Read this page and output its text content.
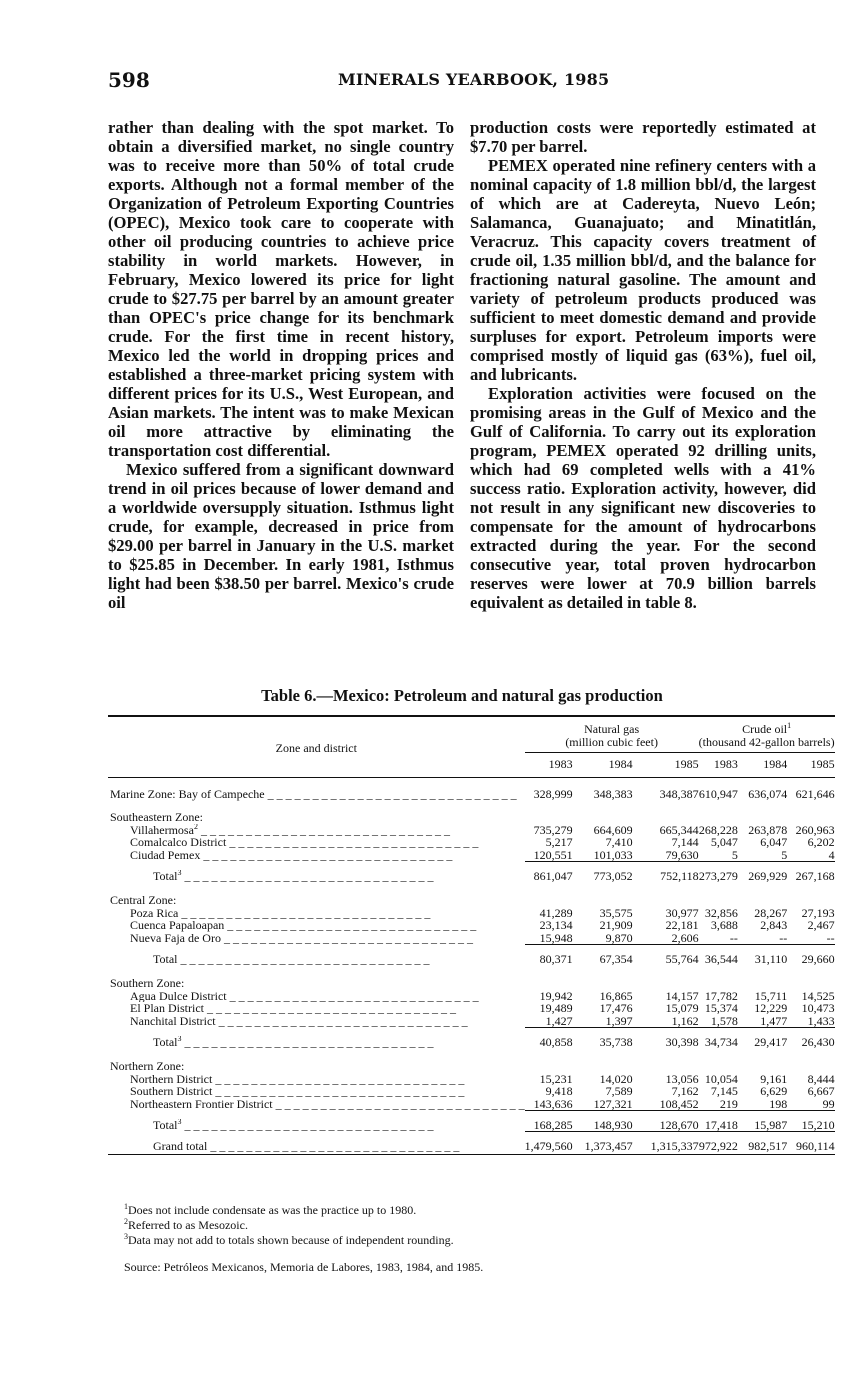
598	MINERALS YEARBOOK, 1985

rather than dealing with the spot market. To obtain a diversified market, no single country was to receive more than 50% of total crude exports. Although not a formal member of the Organization of Petroleum Exporting Countries (OPEC), Mexico took care to cooperate with other oil producing countries to achieve price stability in world markets. However, in February, Mexico lowered its price for light crude to $27.75 per barrel by an amount greater than OPEC's price change for its benchmark crude. For the first time in recent history, Mexico led the world in dropping prices and established a three-market pricing system with different prices for its U.S., West European, and Asian markets. The intent was to make Mexican oil more attractive by eliminating the transportation cost differential.

Mexico suffered from a significant downward trend in oil prices because of lower demand and a worldwide oversupply situation. Isthmus light crude, for example, decreased in price from $29.00 per barrel in January in the U.S. market to $25.85 in December. In early 1981, Isthmus light had been $38.50 per barrel. Mexico's crude oil

production costs were reportedly estimated at $7.70 per barrel.

PEMEX operated nine refinery centers with a nominal capacity of 1.8 million bbl/d, the largest of which are at Cadereyta, Nuevo León; Salamanca, Guanajuato; and Minatitlán, Veracruz. This capacity covers treatment of crude oil, 1.35 million bbl/d, and the balance for fractioning natural gasoline. The amount and variety of petroleum products produced was sufficient to meet domestic demand and provide surpluses for export. Petroleum imports were comprised mostly of liquid gas (63%), fuel oil, and lubricants.

Exploration activities were focused on the promising areas in the Gulf of Mexico and the Gulf of California. To carry out its exploration program, PEMEX operated 92 drilling units, which had 69 completed wells with a 41% success ratio. Exploration activity, however, did not result in any significant new discoveries to compensate for the amount of hydrocarbons extracted during the year. For the second consecutive year, total proven hydrocarbon reserves were lower at 70.9 billion barrels equivalent as detailed in table 8.

Table 6.—Mexico: Petroleum and natural gas production

Zone and district	Natural gas
(million cubic feet)			Crude oil$^1$
(thousand 42-gallon barrels)		
	1983	1984	1985	1983	1984	1985

Marine Zone: Bay of Campeche _ _ _	328,999	348,383	348,387	610,947	636,074	621,646

Southeastern Zone:						
Villahermosa$^2$ _ _ _	735,279	664,609	665,344	268,228	263,878	260,963
Comalcalco District _ _ _	5,217	7,410	7,144	5,047	6,047	6,202
Ciudad Pemex _ _ _	120,551	101,033	79,630	5	5	4

Total$^3$ _ _ _	861,047	773,052	752,118	273,279	269,929	267,168

Central Zone:						
Poza Rica _ _ _	41,289	35,575	30,977	32,856	28,267	27,193
Cuenca Papaloapan _ _ _	23,134	21,909	22,181	3,688	2,843	2,467
Nueva Faja de Oro _ _ _	15,948	9,870	2,606	--	--	--

Total _ _ _	80,371	67,354	55,764	36,544	31,110	29,660

Southern Zone:						
Agua Dulce District _ _ _	19,942	16,865	14,157	17,782	15,711	14,525
El Plan District _ _ _	19,489	17,476	15,079	15,374	12,229	10,473
Nanchital District _ _ _	1,427	1,397	1,162	1,578	1,477	1,433

Total$^3$ _ _ _	40,858	35,738	30,398	34,734	29,417	26,430

Northern Zone:						
Northern District _ _ _	15,231	14,020	13,056	10,054	9,161	8,444
Southern District _ _ _	9,418	7,589	7,162	7,145	6,629	6,667
Northeastern Frontier District _ _ _	143,636	127,321	108,452	219	198	99

Total$^3$ _ _ _	168,285	148,930	128,670	17,418	15,987	15,210

Grand total _ _ _	1,479,560	1,373,457	1,315,337	972,922	982,517	960,114

$^1$Does not include condensate as was the practice up to 1980.

$^2$Referred to as Mesozoic.

$^3$Data may not add to totals shown because of independent rounding.

Source: Petróleos Mexicanos, Memoria de Labores, 1983, 1984, and 1985.
